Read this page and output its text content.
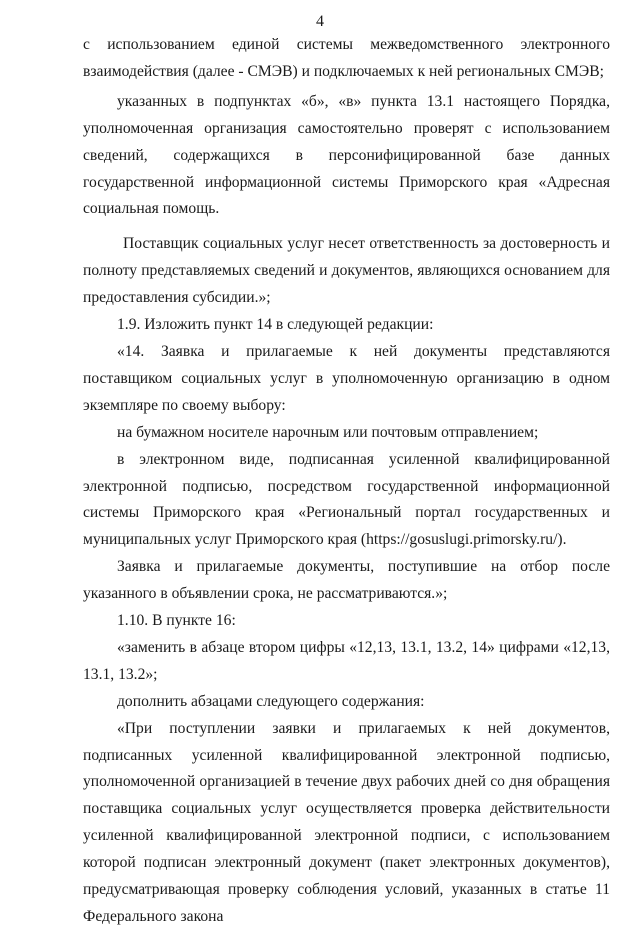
4

с использованием единой системы межведомственного электронного взаимодействия (далее - СМЭВ) и подключаемых к ней региональных СМЭВ;

указанных в подпунктах «б», «в» пункта 13.1 настоящего Порядка, уполномоченная организация самостоятельно проверят с использованием сведений, содержащихся в персонифицированной базе данных государственной информационной системы Приморского края «Адресная социальная помощь.

Поставщик социальных услуг несет ответственность за достоверность и полноту представляемых сведений и документов, являющихся основанием для предоставления субсидии.»;

1.9. Изложить пункт 14 в следующей редакции:

«14. Заявка и прилагаемые к ней документы представляются поставщиком социальных услуг в уполномоченную организацию в одном экземпляре по своему выбору:

на бумажном носителе нарочным или почтовым отправлением;

в электронном виде, подписанная усиленной квалифицированной электронной подписью, посредством государственной информационной системы Приморского края «Региональный портал государственных и муниципальных услуг Приморского края (https://gosuslugi.primorsky.ru/).

Заявка и прилагаемые документы, поступившие на отбор после указанного в объявлении срока, не рассматриваются.»;

1.10. В пункте 16:

«заменить в абзаце втором цифры «12,13, 13.1, 13.2, 14» цифрами «12,13, 13.1, 13.2»;

дополнить абзацами следующего содержания:

«При поступлении заявки и прилагаемых к ней документов, подписанных усиленной квалифицированной электронной подписью, уполномоченной организацией в течение двух рабочих дней со дня обращения поставщика социальных услуг осуществляется проверка действительности усиленной квалифицированной электронной подписи, с использованием которой подписан электронный документ (пакет электронных документов), предусматривающая проверку соблюдения условий, указанных в статье 11 Федерального закона
